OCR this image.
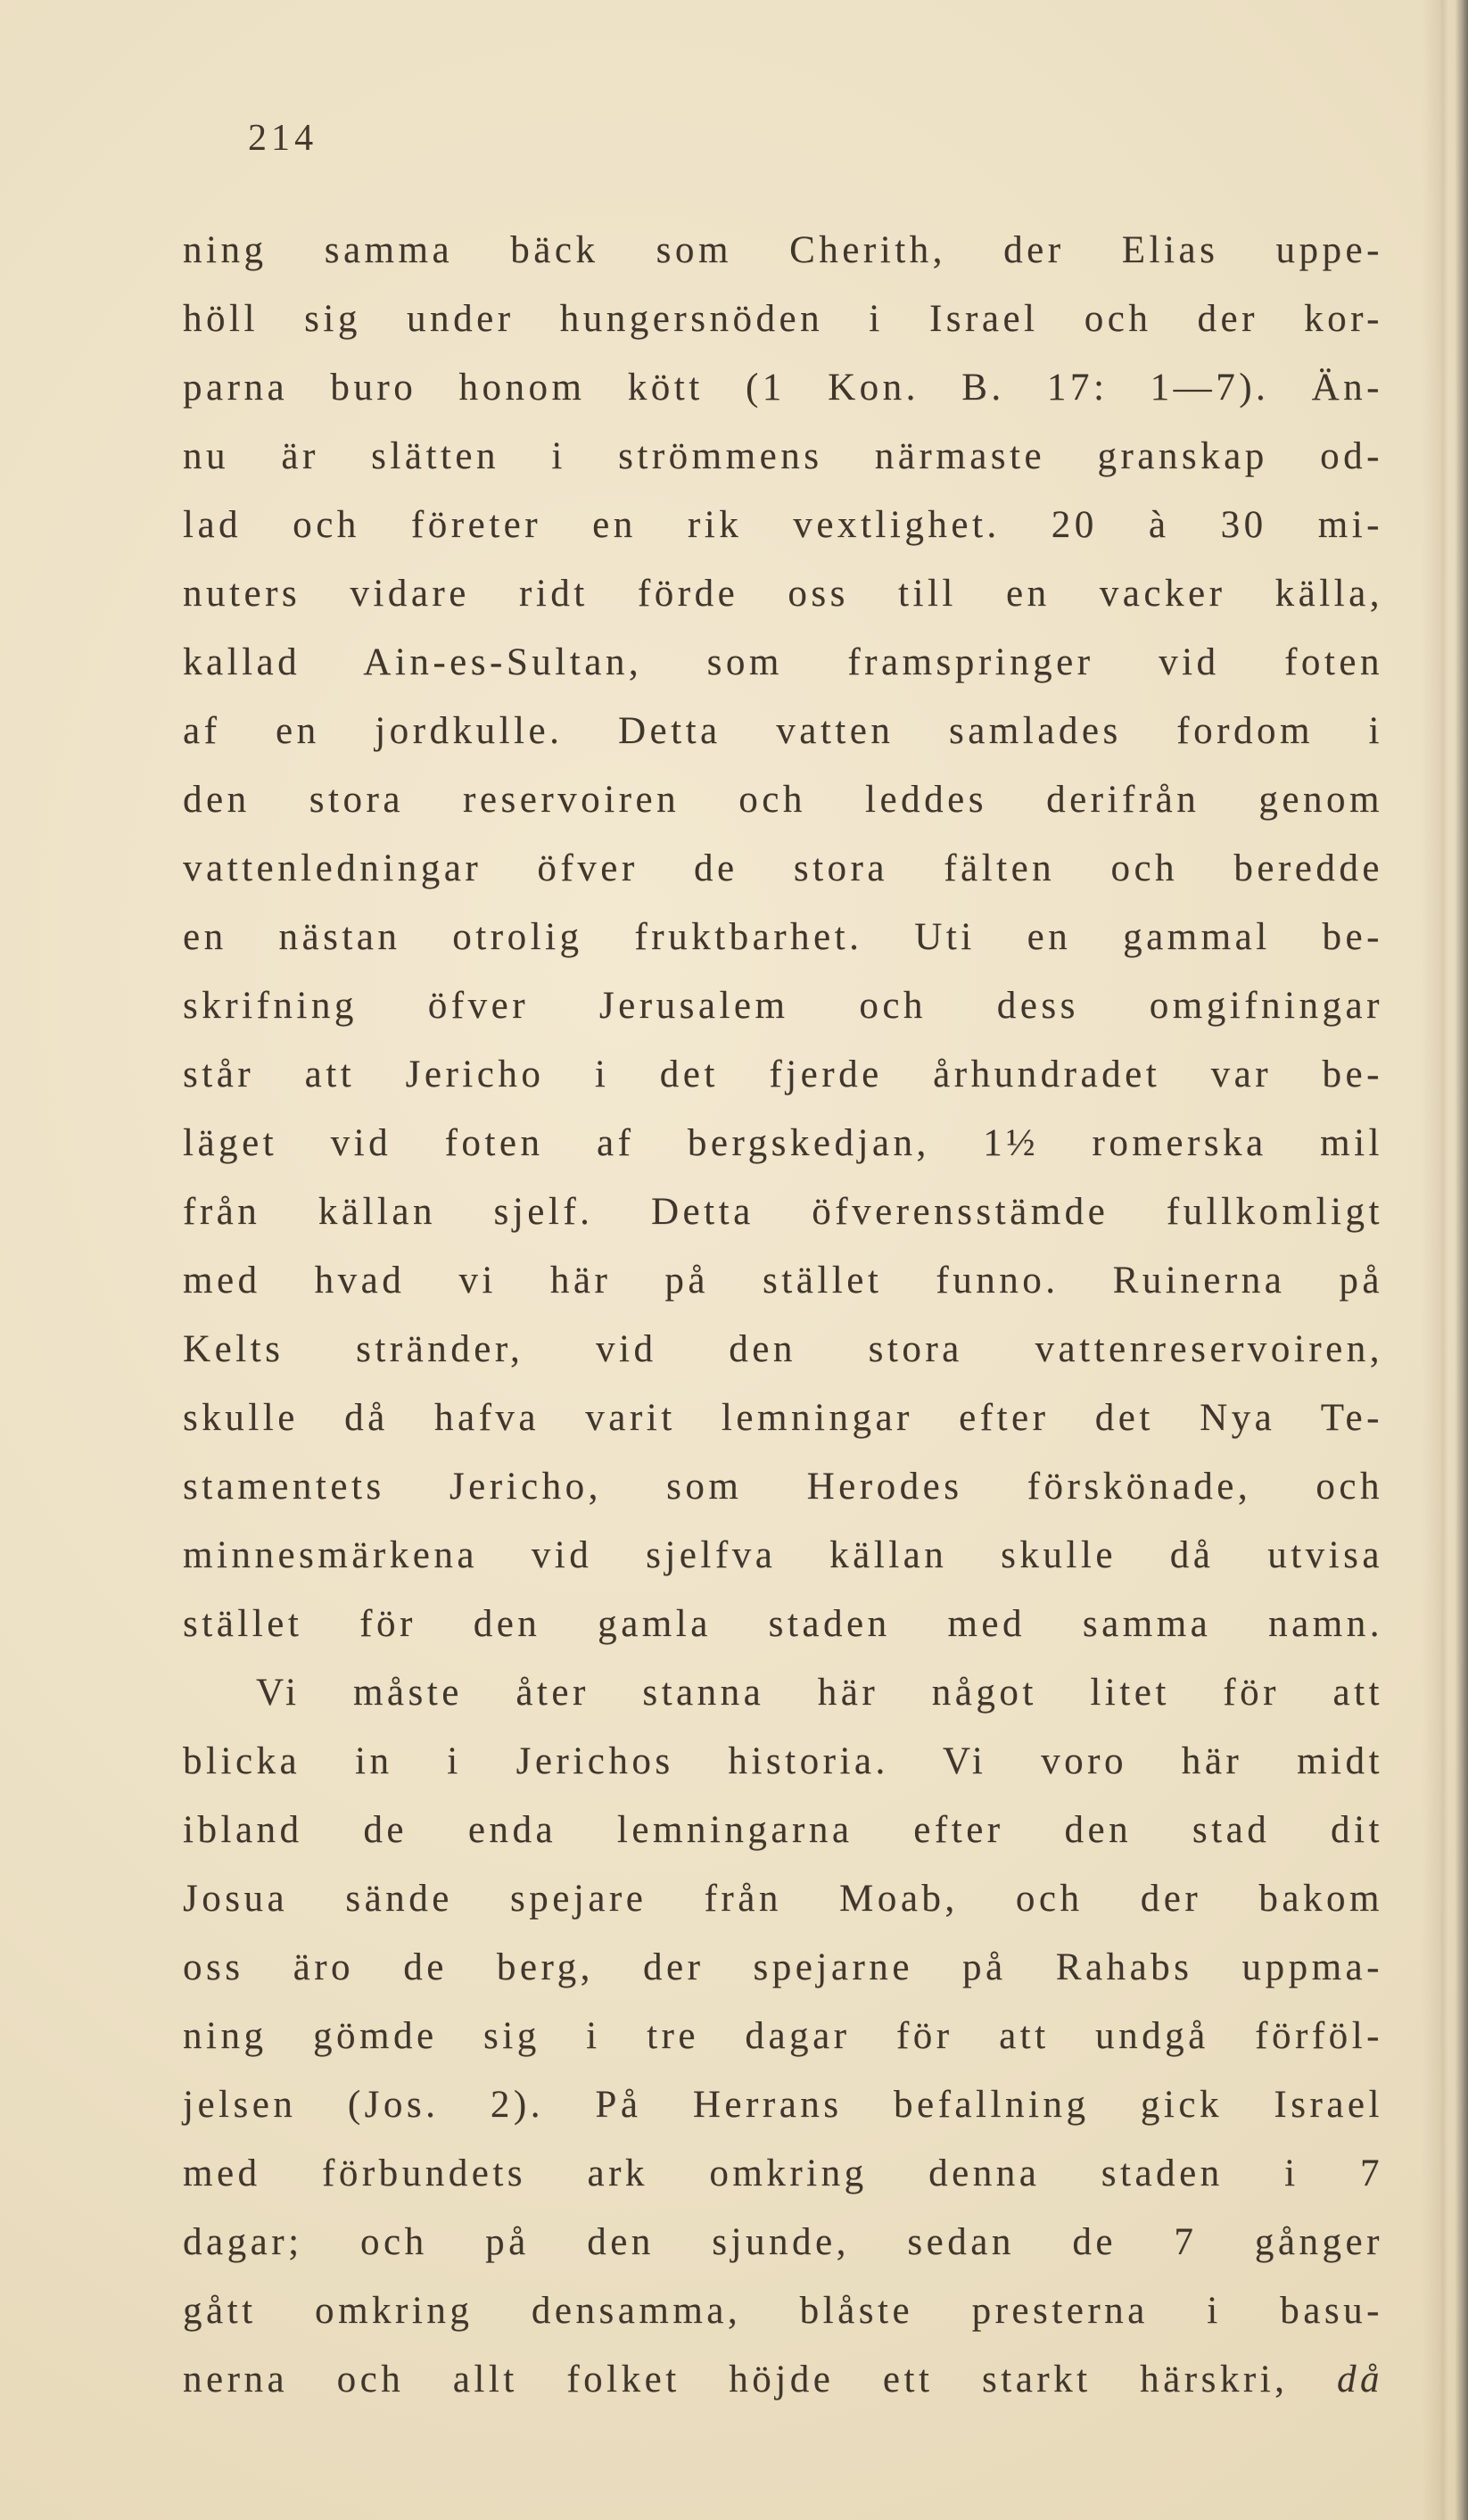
214
ning samma bäck som Cherith, der Elias uppe-
höll sig under hungersnöden i Israel och der kor-
parna buro honom kött (1 Kon. B. 17: 1—7). Än-
nu är slätten i strömmens närmaste granskap od-
lad och företer en rik vextlighet. 20 à 30 mi-
nuters vidare ridt förde oss till en vacker källa,
kallad Ain-es-Sultan, som framspringer vid foten
af en jordkulle. Detta vatten samlades fordom i
den stora reservoiren och leddes derifrån genom
vattenledningar öfver de stora fälten och beredde
en nästan otrolig fruktbarhet. Uti en gammal be-
skrifning öfver Jerusalem och dess omgifningar
står att Jericho i det fjerde århundradet var be-
läget vid foten af bergskedjan, 1½ romerska mil
från källan sjelf. Detta öfverensstämde fullkomligt
med hvad vi här på stället funno. Ruinerna på
Kelts stränder, vid den stora vattenreservoiren,
skulle då hafva varit lemningar efter det Nya Te-
stamentets Jericho, som Herodes förskönade, och
minnesmärkena vid sjelfva källan skulle då utvisa
stället för den gamla staden med samma namn.
Vi måste åter stanna här något litet för att
blicka in i Jerichos historia. Vi voro här midt
ibland de enda lemningarna efter den stad dit
Josua sände spejare från Moab, och der bakom
oss äro de berg, der spejarne på Rahabs uppma-
ning gömde sig i tre dagar för att undgå förföl-
jelsen (Jos. 2). På Herrans befallning gick Israel
med förbundets ark omkring denna staden i 7
dagar; och på den sjunde, sedan de 7 gånger
gått omkring densamma, blåste presterna i basu-
nerna och allt folket höjde ett starkt härskri, då
